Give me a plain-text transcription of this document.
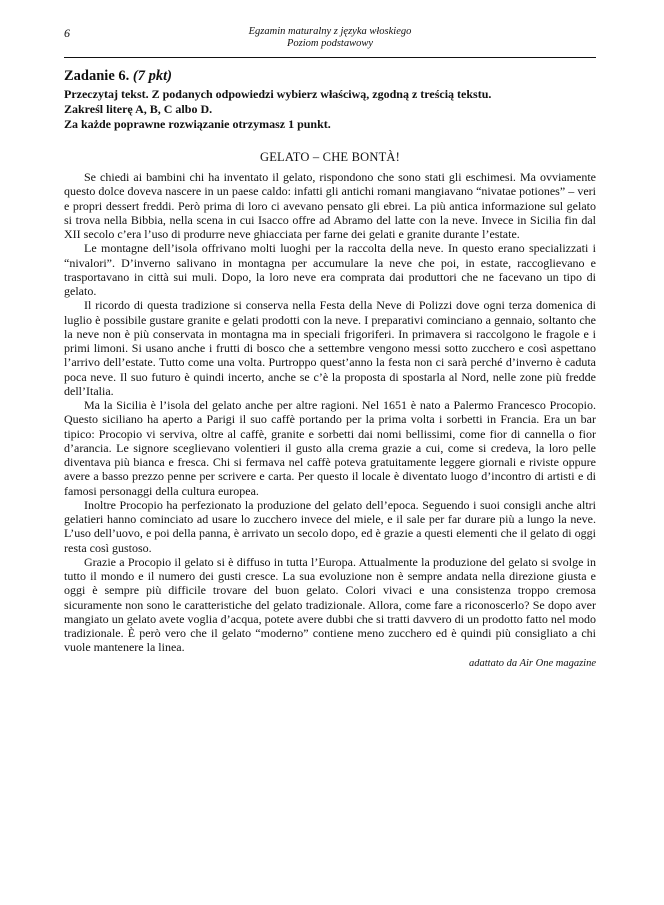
6	Egzamin maturalny z języka włoskiego
Poziom podstawowy
Zadanie 6. (7 pkt)

Przeczytaj tekst. Z podanych odpowiedzi wybierz właściwą, zgodną z treścią tekstu.

Zakreśl literę A, B, C albo D.

Za każde poprawne rozwiązanie otrzymasz 1 punkt.

GELATO – CHE BONTÀ!

Se chiedi ai bambini chi ha inventato il gelato, rispondono che sono stati gli eschimesi. Ma ovviamente questo dolce doveva nascere in un paese caldo: infatti gli antichi romani mangiavano “nivatae potiones” – veri e propri dessert freddi. Però prima di loro ci avevano pensato gli ebrei. La più antica informazione sul gelato si trova nella Bibbia, nella scena in cui Isacco offre ad Abramo del latte con la neve. Invece in Sicilia fin dal XII secolo c’era l’uso di produrre neve ghiacciata per farne dei gelati e granite durante l’estate.

Le montagne dell’isola offrivano molti luoghi per la raccolta della neve. In questo erano specializzati i “nivalori”. D’inverno salivano in montagna per accumulare la neve che poi, in estate, raccoglievano e trasportavano in città sui muli. Dopo, la loro neve era comprata dai produttori che ne facevano un tipo di gelato.

Il ricordo di questa tradizione si conserva nella Festa della Neve di Polizzi dove ogni terza domenica di luglio è possibile gustare granite e gelati prodotti con la neve. I preparativi cominciano a gennaio, soltanto che la neve non è più conservata in montagna ma in speciali frigoriferi. In primavera si raccolgono le fragole e i primi limoni. Si usano anche i frutti di bosco che a settembre vengono messi sotto zucchero e così aspettano l’arrivo dell’estate. Tutto come una volta. Purtroppo quest’anno la festa non ci sarà perché d’inverno è caduta poca neve. Il suo futuro è quindi incerto, anche se c’è la proposta di spostarla al Nord, nelle zone più fredde dell’Italia.

Ma la Sicilia è l’isola del gelato anche per altre ragioni. Nel 1651 è nato a Palermo Francesco Procopio. Questo siciliano ha aperto a Parigi il suo caffè portando per la prima volta i sorbetti in Francia. Era un bar tipico: Procopio vi serviva, oltre al caffè, granite e sorbetti dai nomi bellissimi, come fior di cannella o fior d’arancia. Le signore sceglievano volentieri il gusto alla crema grazie a cui, come si credeva, la loro pelle diventava più bianca e fresca. Chi si fermava nel caffè poteva gratuitamente leggere giornali e riviste oppure avere a basso prezzo penne per scrivere e carta. Per questo il locale è diventato luogo d’incontro di artisti e di famosi personaggi della cultura europea.

Inoltre Procopio ha perfezionato la produzione del gelato dell’epoca. Seguendo i suoi consigli anche altri gelatieri hanno cominciato ad usare lo zucchero invece del miele, e il sale per far durare più a lungo la neve. L’uso dell’uovo, e poi della panna, è arrivato un secolo dopo, ed è grazie a questi elementi che il gelato di oggi resta così gustoso.

Grazie a Procopio il gelato si è diffuso in tutta l’Europa. Attualmente la produzione del gelato si svolge in tutto il mondo e il numero dei gusti cresce. La sua evoluzione non è sempre andata nella direzione giusta e oggi è sempre più difficile trovare del buon gelato. Colori vivaci e una consistenza troppo cremosa sicuramente non sono le caratteristiche del gelato tradizionale. Allora, come fare a riconoscerlo? Se dopo aver mangiato un gelato avete voglia d’acqua, potete avere dubbi che si tratti davvero di un prodotto fatto nel modo tradizionale. È però vero che il gelato “moderno” contiene meno zucchero ed è quindi più consigliato a chi vuole mantenere la linea.

adattato da Air One magazine
